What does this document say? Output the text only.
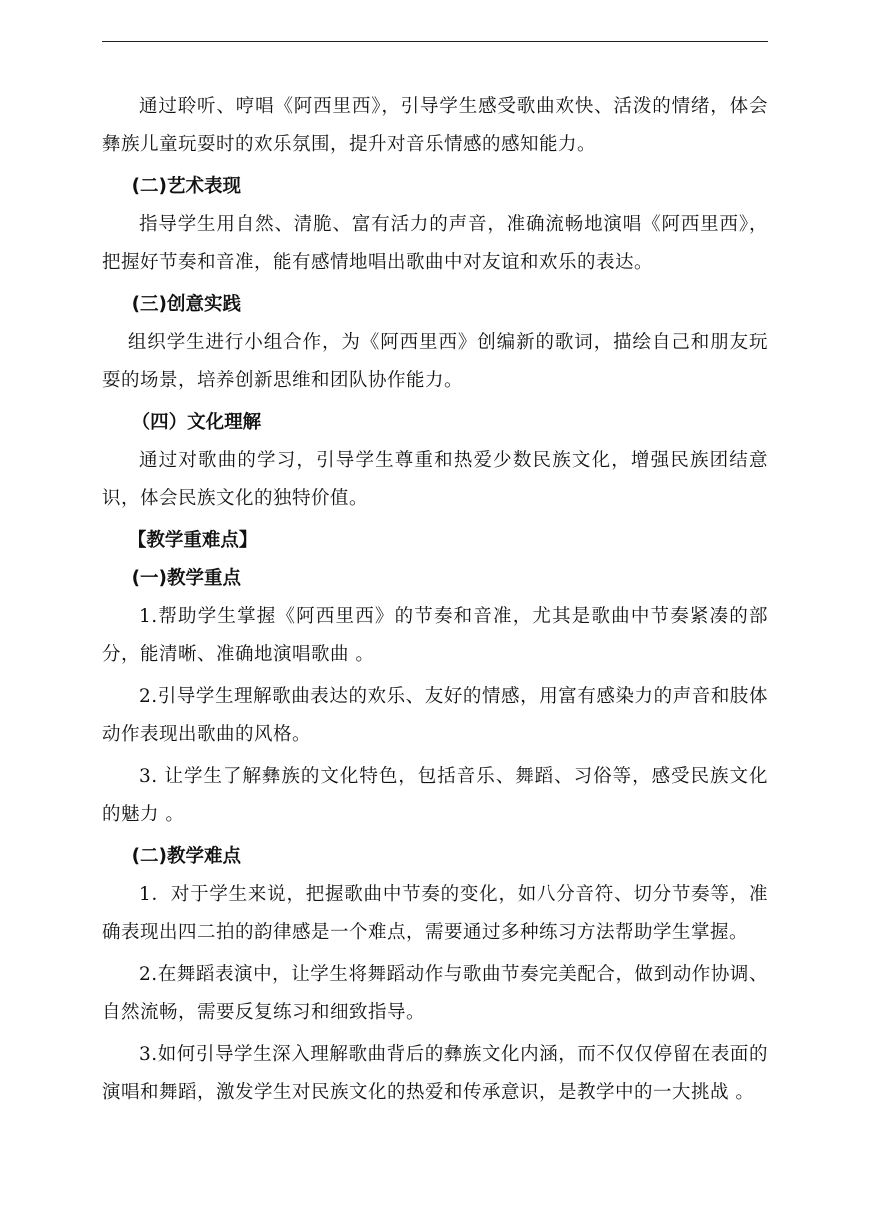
通过聆听、哼唱《阿西里西》，引导学生感受歌曲欢快、活泼的情绪，体会彝族儿童玩耍时的欢乐氛围，提升对音乐情感的感知能力。

(二)艺术表现

指导学生用自然、清脆、富有活力的声音，准确流畅地演唱《阿西里西》，把握好节奏和音准，能有感情地唱出歌曲中对友谊和欢乐的表达。

(三)创意实践

组织学生进行小组合作，为《阿西里西》创编新的歌词，描绘自己和朋友玩耍的场景，培养创新思维和团队协作能力。

（四）文化理解

通过对歌曲的学习，引导学生尊重和热爱少数民族文化，增强民族团结意识，体会民族文化的独特价值。

【教学重难点】

(一)教学重点

1.帮助学生掌握《阿西里西》的节奏和音准，尤其是歌曲中节奏紧凑的部分，能清晰、准确地演唱歌曲 。

2.引导学生理解歌曲表达的欢乐、友好的情感，用富有感染力的声音和肢体动作表现出歌曲的风格。

3. 让学生了解彝族的文化特色，包括音乐、舞蹈、习俗等，感受民族文化的魅力 。

(二)教学难点

1．对于学生来说，把握歌曲中节奏的变化，如八分音符、切分节奏等，准确表现出四二拍的韵律感是一个难点，需要通过多种练习方法帮助学生掌握。

2.在舞蹈表演中，让学生将舞蹈动作与歌曲节奏完美配合，做到动作协调、自然流畅，需要反复练习和细致指导。

3.如何引导学生深入理解歌曲背后的彝族文化内涵，而不仅仅停留在表面的演唱和舞蹈，激发学生对民族文化的热爱和传承意识，是教学中的一大挑战 。
